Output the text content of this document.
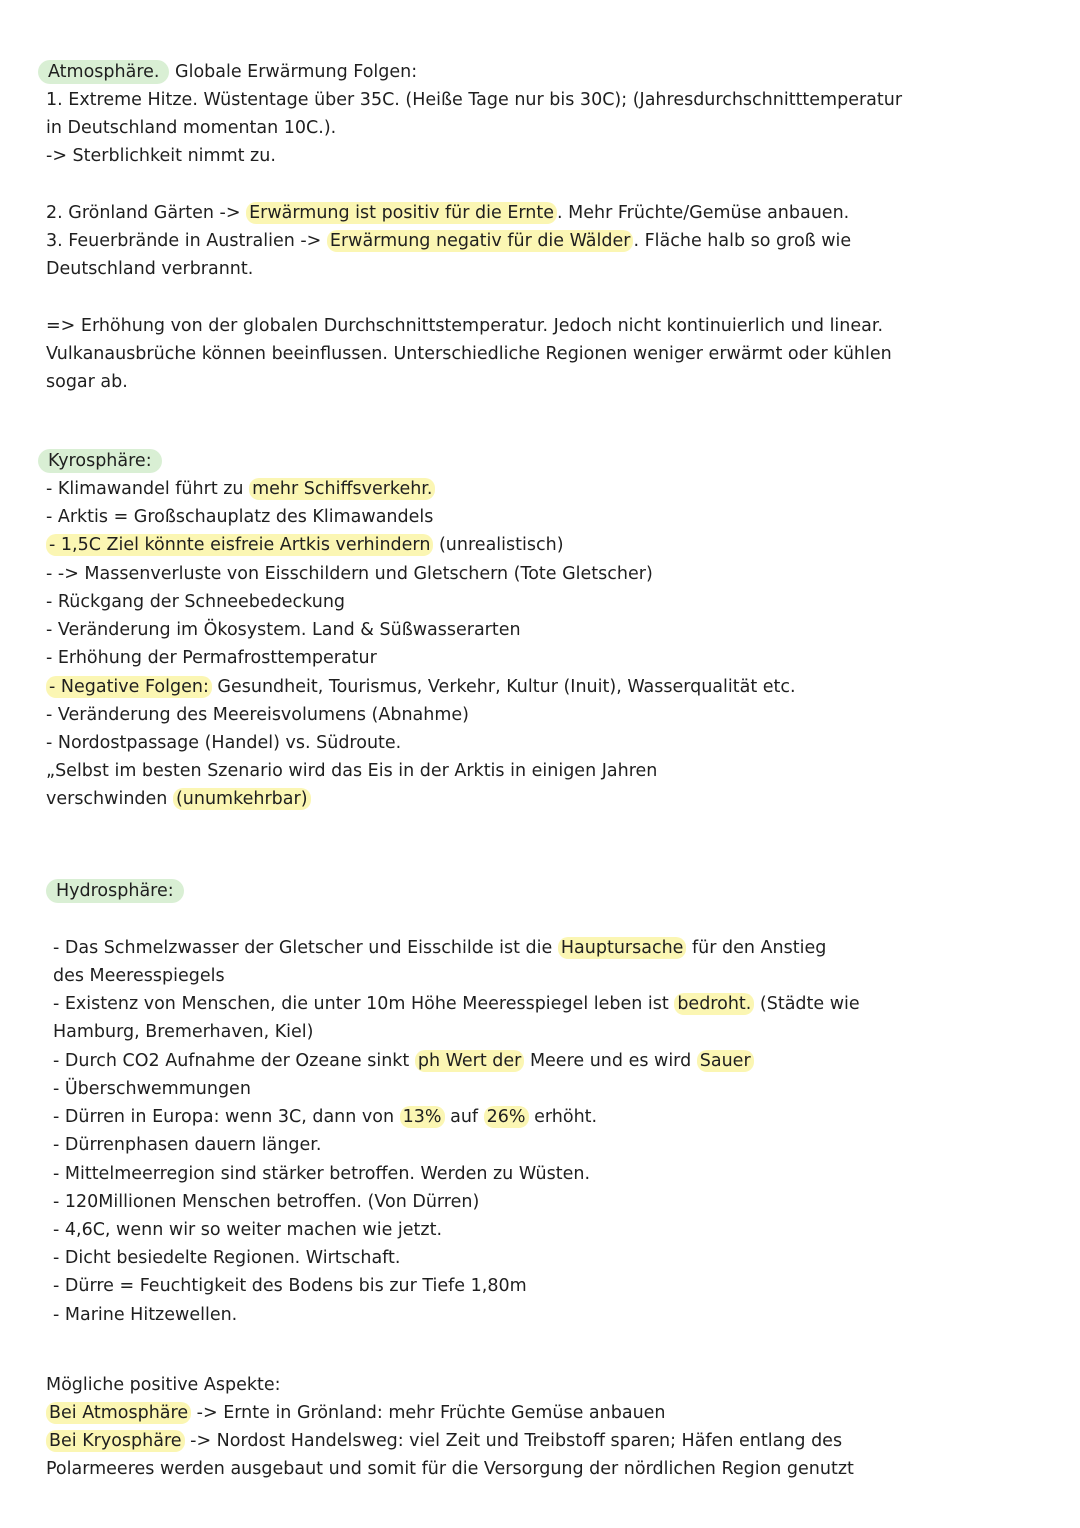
Atmosphäre. Globale Erwärmung Folgen:
1. Extreme Hitze. Wüstentage über 35C. (Heiße Tage nur bis 30C); (Jahresdurchschnitttemperatur
in Deutschland momentan 10C.).
-> Sterblichkeit nimmt zu.
2. Grönland Gärten -> Erwärmung ist positiv für die Ernte . Mehr Früchte/Gemüse anbauen.
3. Feuerbrände in Australien -> Erwärmung negativ für die Wälder . Fläche halb so groß wie
Deutschland verbrannt.
=> Erhöhung von der globalen Durchschnittstemperatur. Jedoch nicht kontinuierlich und linear.
Vulkanausbrüche können beeinflussen. Unterschiedliche Regionen weniger erwärmt oder kühlen
sogar ab.
Kyrosphäre:
- Klimawandel führt zu mehr Schiffsverkehr.
- Arktis = Großschauplatz des Klimawandels
- 1,5C Ziel könnte eisfreie Artkis verhindern (unrealistisch)
- -> Massenverluste von Eisschildern und Gletschern (Tote Gletscher)
- Rückgang der Schneebedeckung
- Veränderung im Ökosystem. Land & Süßwasserarten
- Erhöhung der Permafrosttemperatur
- Negative Folgen: Gesundheit, Tourismus, Verkehr, Kultur (Inuit), Wasserqualität etc.
- Veränderung des Meereisvolumens (Abnahme)
- Nordostpassage (Handel) vs. Südroute.
„Selbst im besten Szenario wird das Eis in der Arktis in einigen Jahren
verschwinden (unumkehrbar)
Hydrosphäre:
- Das Schmelzwasser der Gletscher und Eisschilde ist die Hauptursache für den Anstieg
des Meeresspiegels
- Existenz von Menschen, die unter 10m Höhe Meeresspiegel leben ist bedroht. (Städte wie
Hamburg, Bremerhaven, Kiel)
- Durch CO2 Aufnahme der Ozeane sinkt ph Wert der Meere und es wird Sauer
- Überschwemmungen
- Dürren in Europa: wenn 3C, dann von 13% auf 26% erhöht.
- Dürrenphasen dauern länger.
- Mittelmeerregion sind stärker betroffen. Werden zu Wüsten.
- 120Millionen Menschen betroffen. (Von Dürren)
- 4,6C, wenn wir so weiter machen wie jetzt.
- Dicht besiedelte Regionen. Wirtschaft.
- Dürre = Feuchtigkeit des Bodens bis zur Tiefe 1,80m
- Marine Hitzewellen.
Mögliche positive Aspekte:
Bei Atmosphäre -> Ernte in Grönland: mehr Früchte Gemüse anbauen
Bei Kryosphäre -> Nordost Handelsweg: viel Zeit und Treibstoff sparen; Häfen entlang des
Polarmeeres werden ausgebaut und somit für die Versorgung der nördlichen Region genutzt
